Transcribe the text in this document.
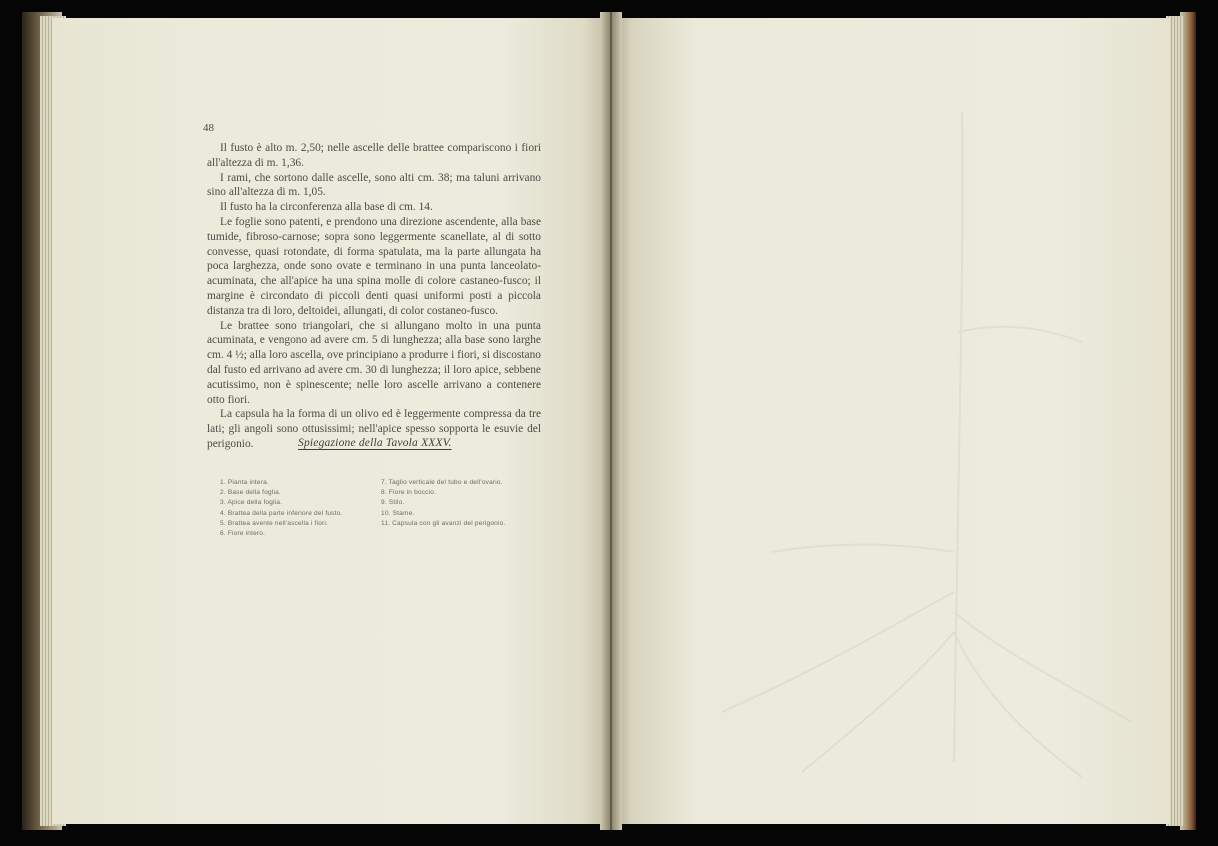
48

Il fusto è alto m. 2,50; nelle ascelle delle brattee compariscono i fiori all'altezza di m. 1,36.

I rami, che sortono dalle ascelle, sono alti cm. 38; ma taluni arrivano sino all'altezza di m. 1,05.

Il fusto ha la circonferenza alla base di cm. 14.

Le foglie sono patenti, e prendono una direzione ascendente, alla base tumide, fibroso-carnose; sopra sono leggermente scanellate, al di sotto convesse, quasi rotondate, di forma spatulata, ma la parte allungata ha poca larghezza, onde sono ovate e terminano in una punta lanceolato-acuminata, che all'apice ha una spina molle di colore castaneo-fusco; il margine è circondato di piccoli denti quasi uniformi posti a piccola distanza tra di loro, deltoidei, allungati, di color costaneo-fusco.

Le brattee sono triangolari, che si allungano molto in una punta acuminata, e vengono ad avere cm. 5 di lunghezza; alla base sono larghe cm. 4 ½; alla loro ascella, ove principiano a produrre i fiori, si discostano dal fusto ed arrivano ad avere cm. 30 di lunghezza; il loro apice, sebbene acutissimo, non è spinescente; nelle loro ascelle arrivano a contenere otto fiori.

La capsula ha la forma di un olivo ed è leggermente compressa da tre lati; gli angoli sono ottusissimi; nell'apice spesso sopporta le esuvie del perigonio.	Spiegazione della Tavola XXXV.

1. Pianta intera.
2. Base della foglia.
3. Apice della foglia.
4. Brattea della parte inferiore del fusto.
5. Brattea avente nell'ascella i fiori.
6. Fiore intero.
7. Taglio verticale del tubo e dell'ovario.
8. Fiore in boccio.
9. Stilo.
10. Stame.
11. Capsula con gli avanzi del perigonio.
